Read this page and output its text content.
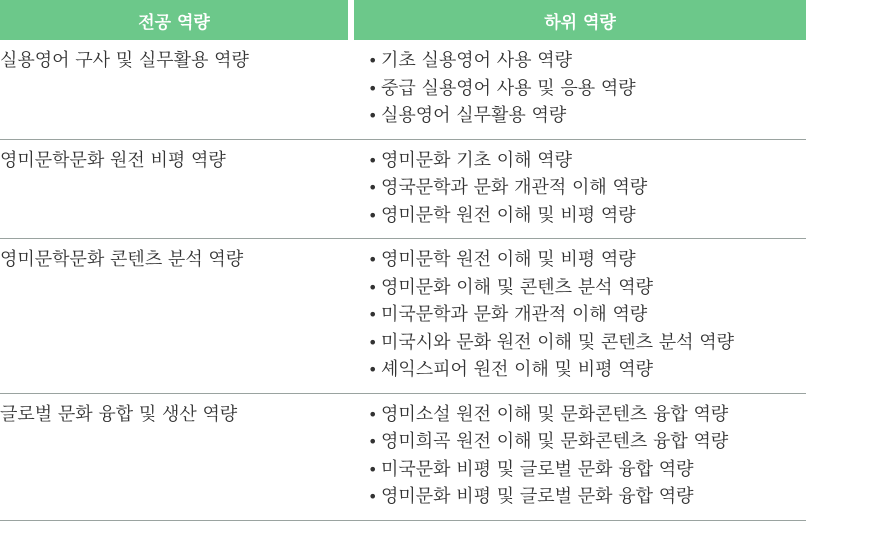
전공 역량	하위 역량
실용영어 구사 및 실무활용 역량	• 기초 실용영어 사용 역량
• 중급 실용영어 사용 및 응용 역량
• 실용영어 실무활용 역량
영미문학문화 원전 비평 역량	• 영미문화 기초 이해 역량
• 영국문학과 문화 개관적 이해 역량
• 영미문학 원전 이해 및 비평 역량
영미문학문화 콘텐츠 분석 역량	• 영미문학 원전 이해 및 비평 역량
• 영미문화 이해 및 콘텐츠 분석 역량
• 미국문학과 문화 개관적 이해 역량
• 미국시와 문화 원전 이해 및 콘텐츠 분석 역량
• 셰익스피어 원전 이해 및 비평 역량
글로벌 문화 융합 및 생산 역량	• 영미소설 원전 이해 및 문화콘텐츠 융합 역량
• 영미희곡 원전 이해 및 문화콘텐츠 융합 역량
• 미국문화 비평 및 글로벌 문화 융합 역량
• 영미문화 비평 및 글로벌 문화 융합 역량
